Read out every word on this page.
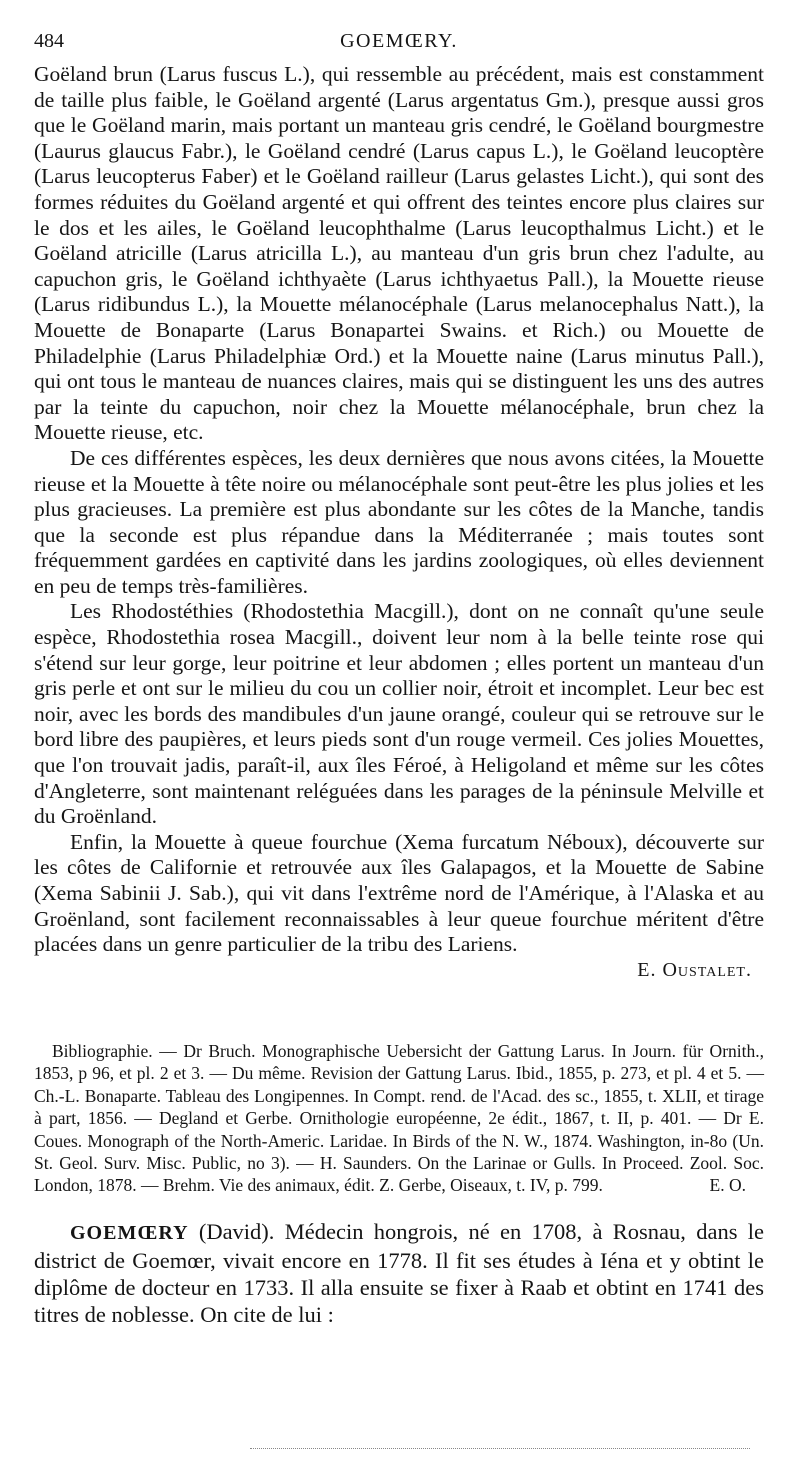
484	GOEMŒRY.

Goëland brun (Larus fuscus L.), qui ressemble au précédent, mais est constamment de taille plus faible, le Goëland argenté (Larus argentatus Gm.), presque aussi gros que le Goëland marin, mais portant un manteau gris cendré, le Goëland bourgmestre (Laurus glaucus Fabr.), le Goëland cendré (Larus capus L.), le Goëland leucoptère (Larus leucopterus Faber) et le Goëland railleur (Larus gelastes Licht.), qui sont des formes réduites du Goëland argenté et qui offrent des teintes encore plus claires sur le dos et les ailes, le Goëland leucophthalme (Larus leucopthalmus Licht.) et le Goëland atricille (Larus atricilla L.), au manteau d'un gris brun chez l'adulte, au capuchon gris, le Goëland ichthyaète (Larus ichthyaetus Pall.), la Mouette rieuse (Larus ridibundus L.), la Mouette mélanocéphale (Larus melanocephalus Natt.), la Mouette de Bonaparte (Larus Bonapartei Swains. et Rich.) ou Mouette de Philadelphie (Larus Philadelphiæ Ord.) et la Mouette naine (Larus minutus Pall.), qui ont tous le manteau de nuances claires, mais qui se distinguent les uns des autres par la teinte du capuchon, noir chez la Mouette mélanocéphale, brun chez la Mouette rieuse, etc.

De ces différentes espèces, les deux dernières que nous avons citées, la Mouette rieuse et la Mouette à tête noire ou mélanocéphale sont peut-être les plus jolies et les plus gracieuses. La première est plus abondante sur les côtes de la Manche, tandis que la seconde est plus répandue dans la Méditerranée ; mais toutes sont fréquemment gardées en captivité dans les jardins zoologiques, où elles deviennent en peu de temps très-familières.

Les Rhodostéthies (Rhodostethia Macgill.), dont on ne connaît qu'une seule espèce, Rhodostethia rosea Macgill., doivent leur nom à la belle teinte rose qui s'étend sur leur gorge, leur poitrine et leur abdomen ; elles portent un manteau d'un gris perle et ont sur le milieu du cou un collier noir, étroit et incomplet. Leur bec est noir, avec les bords des mandibules d'un jaune orangé, couleur qui se retrouve sur le bord libre des paupières, et leurs pieds sont d'un rouge vermeil. Ces jolies Mouettes, que l'on trouvait jadis, paraît-il, aux îles Féroé, à Heligoland et même sur les côtes d'Angleterre, sont maintenant reléguées dans les parages de la péninsule Melville et du Groënland.

Enfin, la Mouette à queue fourchue (Xema furcatum Néboux), découverte sur les côtes de Californie et retrouvée aux îles Galapagos, et la Mouette de Sabine (Xema Sabinii J. Sab.), qui vit dans l'extrême nord de l'Amérique, à l'Alaska et au Groënland, sont facilement reconnaissables à leur queue fourchue méritent d'être placées dans un genre particulier de la tribu des Lariens.

E. Oustalet.

Bibliographie. — Dr Bruch. Monographische Uebersicht der Gattung Larus. In Journ. für Ornith., 1853, p 96, et pl. 2 et 3. — Du même. Revision der Gattung Larus. Ibid., 1855, p. 273, et pl. 4 et 5. — Ch.-L. Bonaparte. Tableau des Longipennes. In Compt. rend. de l'Acad. des sc., 1855, t. XLII, et tirage à part, 1856. — Degland et Gerbe. Ornithologie européenne, 2e édit., 1867, t. II, p. 401. — Dr E. Coues. Monograph of the North-Americ. Laridae. In Birds of the N. W., 1874. Washington, in-8o (Un. St. Geol. Surv. Misc. Public, no 3). — H. Saunders. On the Larinae or Gulls. In Proceed. Zool. Soc. London, 1878. — Brehm. Vie des animaux, édit. Z. Gerbe, Oiseaux, t. IV, p. 799.	E. O.

GOEMŒRY (David). Médecin hongrois, né en 1708, à Rosnau, dans le district de Goemœr, vivait encore en 1778. Il fit ses études à Iéna et y obtint le diplôme de docteur en 1733. Il alla ensuite se fixer à Raab et obtint en 1741 des titres de noblesse. On cite de lui :
